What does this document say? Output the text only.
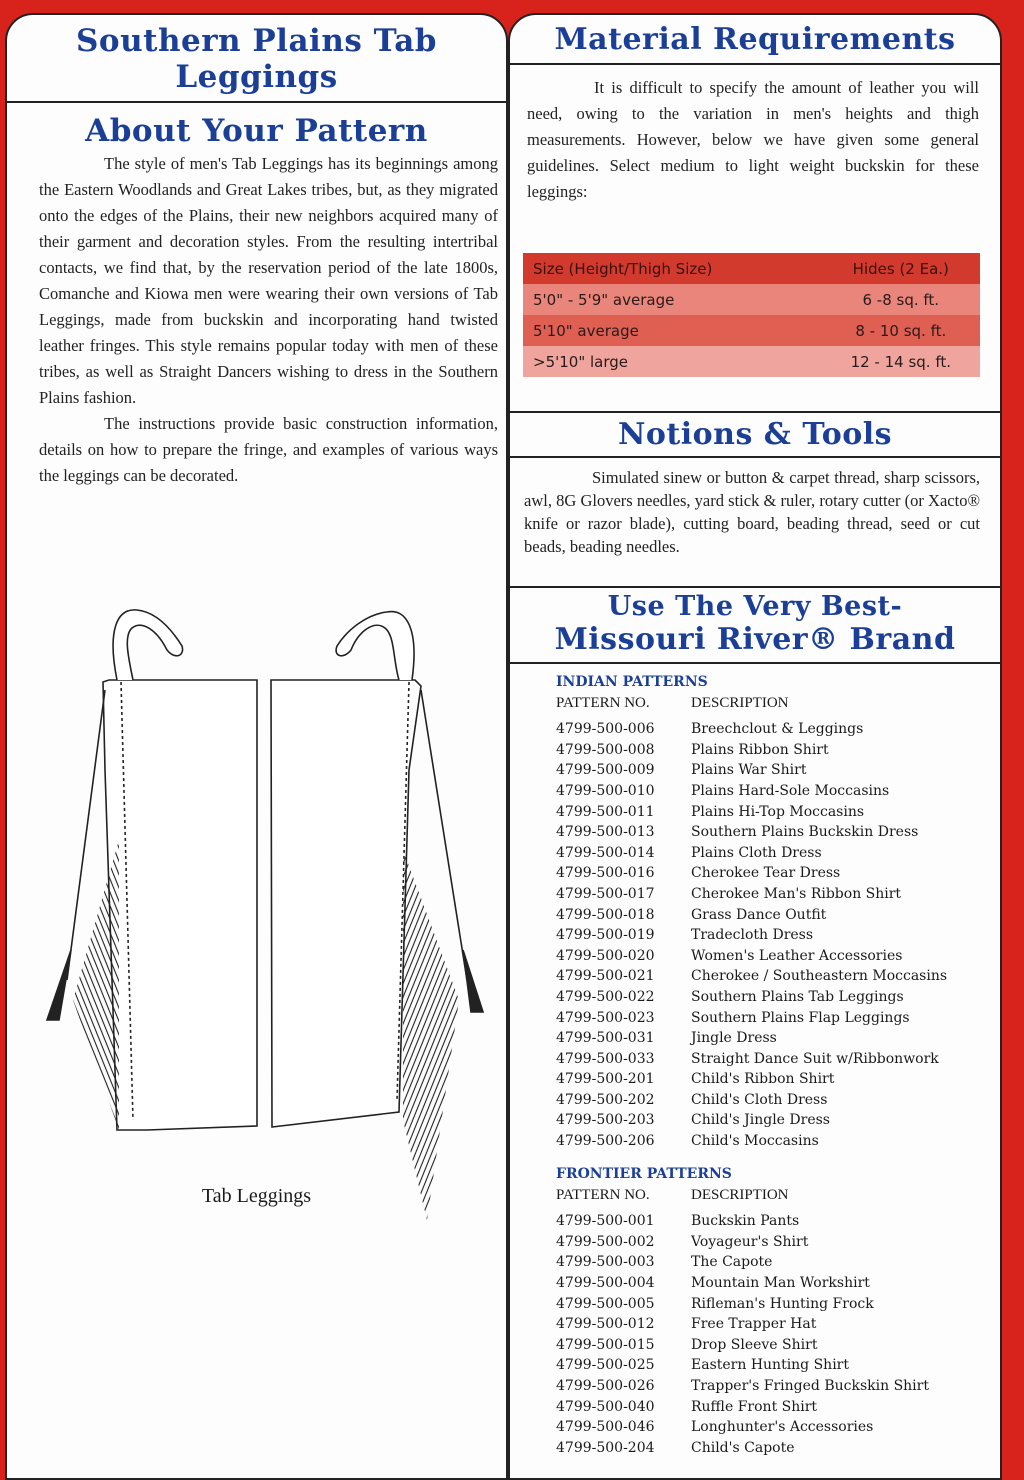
Southern Plains Tab

Leggings

About Your Pattern

The style of men's Tab Leggings has its beginnings among the Eastern Woodlands and Great Lakes tribes, but, as they migrated onto the edges of the Plains, their new neighbors acquired many of their garment and decoration styles. From the resulting intertribal contacts, we find that, by the reservation period of the late 1800s, Comanche and Kiowa men were wearing their own versions of Tab Leggings, made from buckskin and incorporating hand twisted leather fringes. This style remains popular today with men of these tribes, as well as Straight Dancers wishing to dress in the Southern Plains fashion.

The instructions provide basic construction information, details on how to prepare the fringe, and examples of various ways the leggings can be decorated.

Tab Leggings

Material Requirements

It is difficult to specify the amount of leather you will need, owing to the variation in men's heights and thigh measurements. However, below we have given some general guidelines. Select medium to light weight buckskin for these leggings:

Size (Height/Thigh Size)	Hides (2 Ea.)
5'0" - 5'9" average	6 -8 sq. ft.
5'10" average	8 - 10 sq. ft.
>5'10" large	12 - 14 sq. ft.

Notions & Tools

Simulated sinew or button & carpet thread, sharp scissors, awl, 8G Glovers needles, yard stick & ruler, rotary cutter (or Xacto® knife or razor blade), cutting board, beading thread, seed or cut beads, beading needles.

Use The Very Best-

Missouri River® Brand

INDIAN PATTERNS
PATTERN NO.	DESCRIPTION
4799-500-006	Breechclout & Leggings
4799-500-008	Plains Ribbon Shirt
4799-500-009	Plains War Shirt
4799-500-010	Plains Hard-Sole Moccasins
4799-500-011	Plains Hi-Top Moccasins
4799-500-013	Southern Plains Buckskin Dress
4799-500-014	Plains Cloth Dress
4799-500-016	Cherokee Tear Dress
4799-500-017	Cherokee Man's Ribbon Shirt
4799-500-018	Grass Dance Outfit
4799-500-019	Tradecloth Dress
4799-500-020	Women's Leather Accessories
4799-500-021	Cherokee / Southeastern Moccasins
4799-500-022	Southern Plains Tab Leggings
4799-500-023	Southern Plains Flap Leggings
4799-500-031	Jingle Dress
4799-500-033	Straight Dance Suit w/Ribbonwork
4799-500-201	Child's Ribbon Shirt
4799-500-202	Child's Cloth Dress
4799-500-203	Child's Jingle Dress
4799-500-206	Child's Moccasins
FRONTIER PATTERNS
PATTERN NO.	DESCRIPTION
4799-500-001	Buckskin Pants
4799-500-002	Voyageur's Shirt
4799-500-003	The Capote
4799-500-004	Mountain Man Workshirt
4799-500-005	Rifleman's Hunting Frock
4799-500-012	Free Trapper Hat
4799-500-015	Drop Sleeve Shirt
4799-500-025	Eastern Hunting Shirt
4799-500-026	Trapper's Fringed Buckskin Shirt
4799-500-040	Ruffle Front Shirt
4799-500-046	Longhunter's Accessories
4799-500-204	Child's Capote
